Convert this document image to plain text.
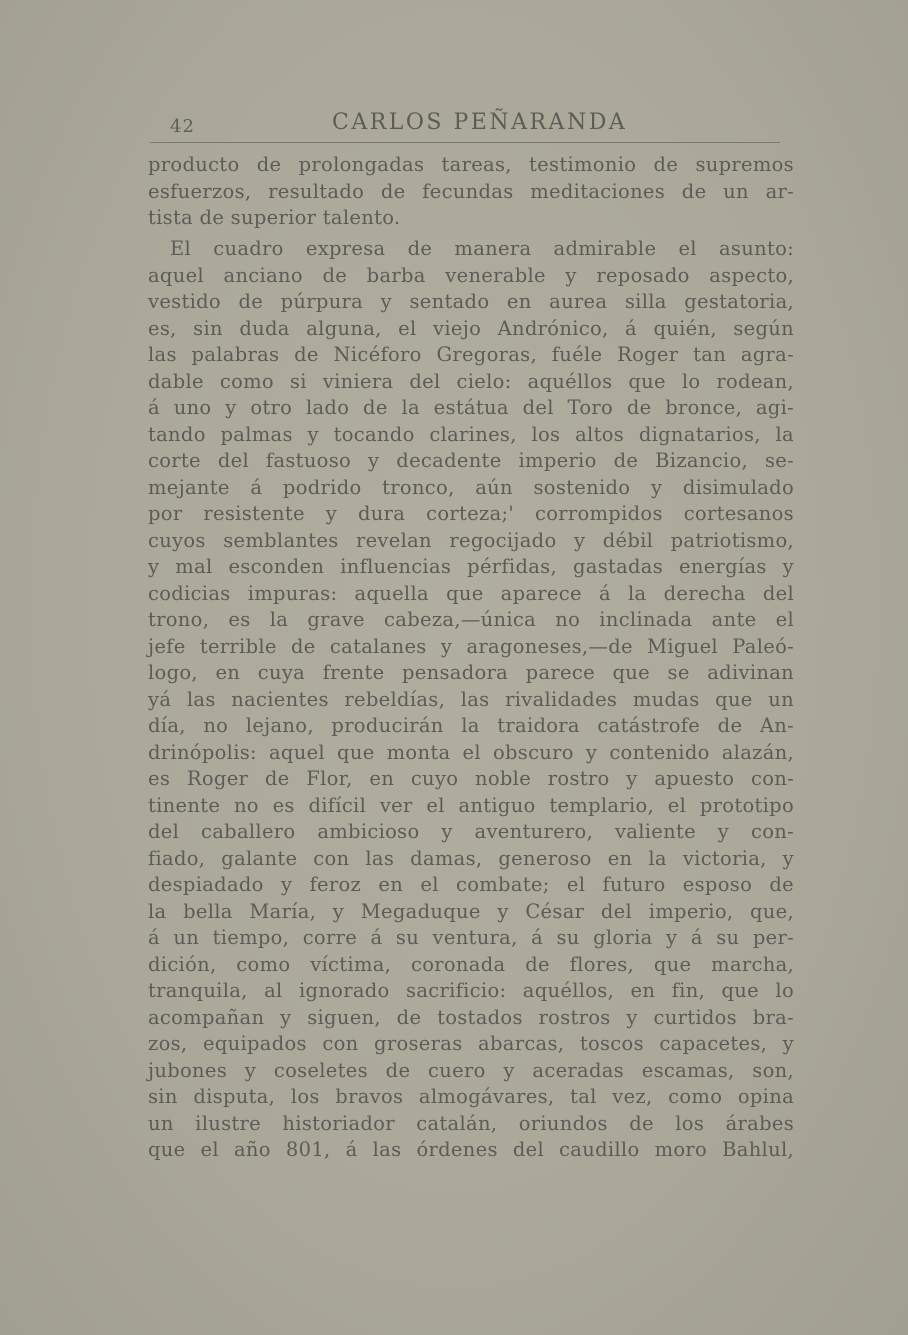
42	CARLOS PEÑARANDA
producto de prolongadas tareas, testimonio de supremos
esfuerzos, resultado de fecundas meditaciones de un ar-
tista de superior talento.
El cuadro expresa de manera admirable el asunto:
aquel anciano de barba venerable y reposado aspecto,
vestido de púrpura y sentado en aurea silla gestatoria,
es, sin duda alguna, el viejo Andrónico, á quién, según
las palabras de Nicéforo Gregoras, fuéle Roger tan agra-
dable como si viniera del cielo: aquéllos que lo rodean,
á uno y otro lado de la estátua del Toro de bronce, agi-
tando palmas y tocando clarines, los altos dignatarios, la
corte del fastuoso y decadente imperio de Bizancio, se-
mejante á podrido tronco, aún sostenido y disimulado
por resistente y dura corteza;' corrompidos cortesanos
cuyos semblantes revelan regocijado y débil patriotismo,
y mal esconden influencias pérfidas, gastadas energías y
codicias impuras: aquella que aparece á la derecha del
trono, es la grave cabeza,—única no inclinada ante el
jefe terrible de catalanes y aragoneses,—de Miguel Paleó-
logo, en cuya frente pensadora parece que se adivinan
yá las nacientes rebeldías, las rivalidades mudas que un
día, no lejano, producirán la traidora catástrofe de An-
drinópolis: aquel que monta el obscuro y contenido alazán,
es Roger de Flor, en cuyo noble rostro y apuesto con-
tinente no es difícil ver el antiguo templario, el prototipo
del caballero ambicioso y aventurero, valiente y con-
fiado, galante con las damas, generoso en la victoria, y
despiadado y feroz en el combate; el futuro esposo de
la bella María, y Megaduque y César del imperio, que,
á un tiempo, corre á su ventura, á su gloria y á su per-
dición, como víctima, coronada de flores, que marcha,
tranquila, al ignorado sacrificio: aquéllos, en fin, que lo
acompañan y siguen, de tostados rostros y curtidos bra-
zos, equipados con groseras abarcas, toscos capacetes, y
jubones y coseletes de cuero y aceradas escamas, son,
sin disputa, los bravos almogávares, tal vez, como opina
un ilustre historiador catalán, oriundos de los árabes
que el año 801, á las órdenes del caudillo moro Bahlul,
